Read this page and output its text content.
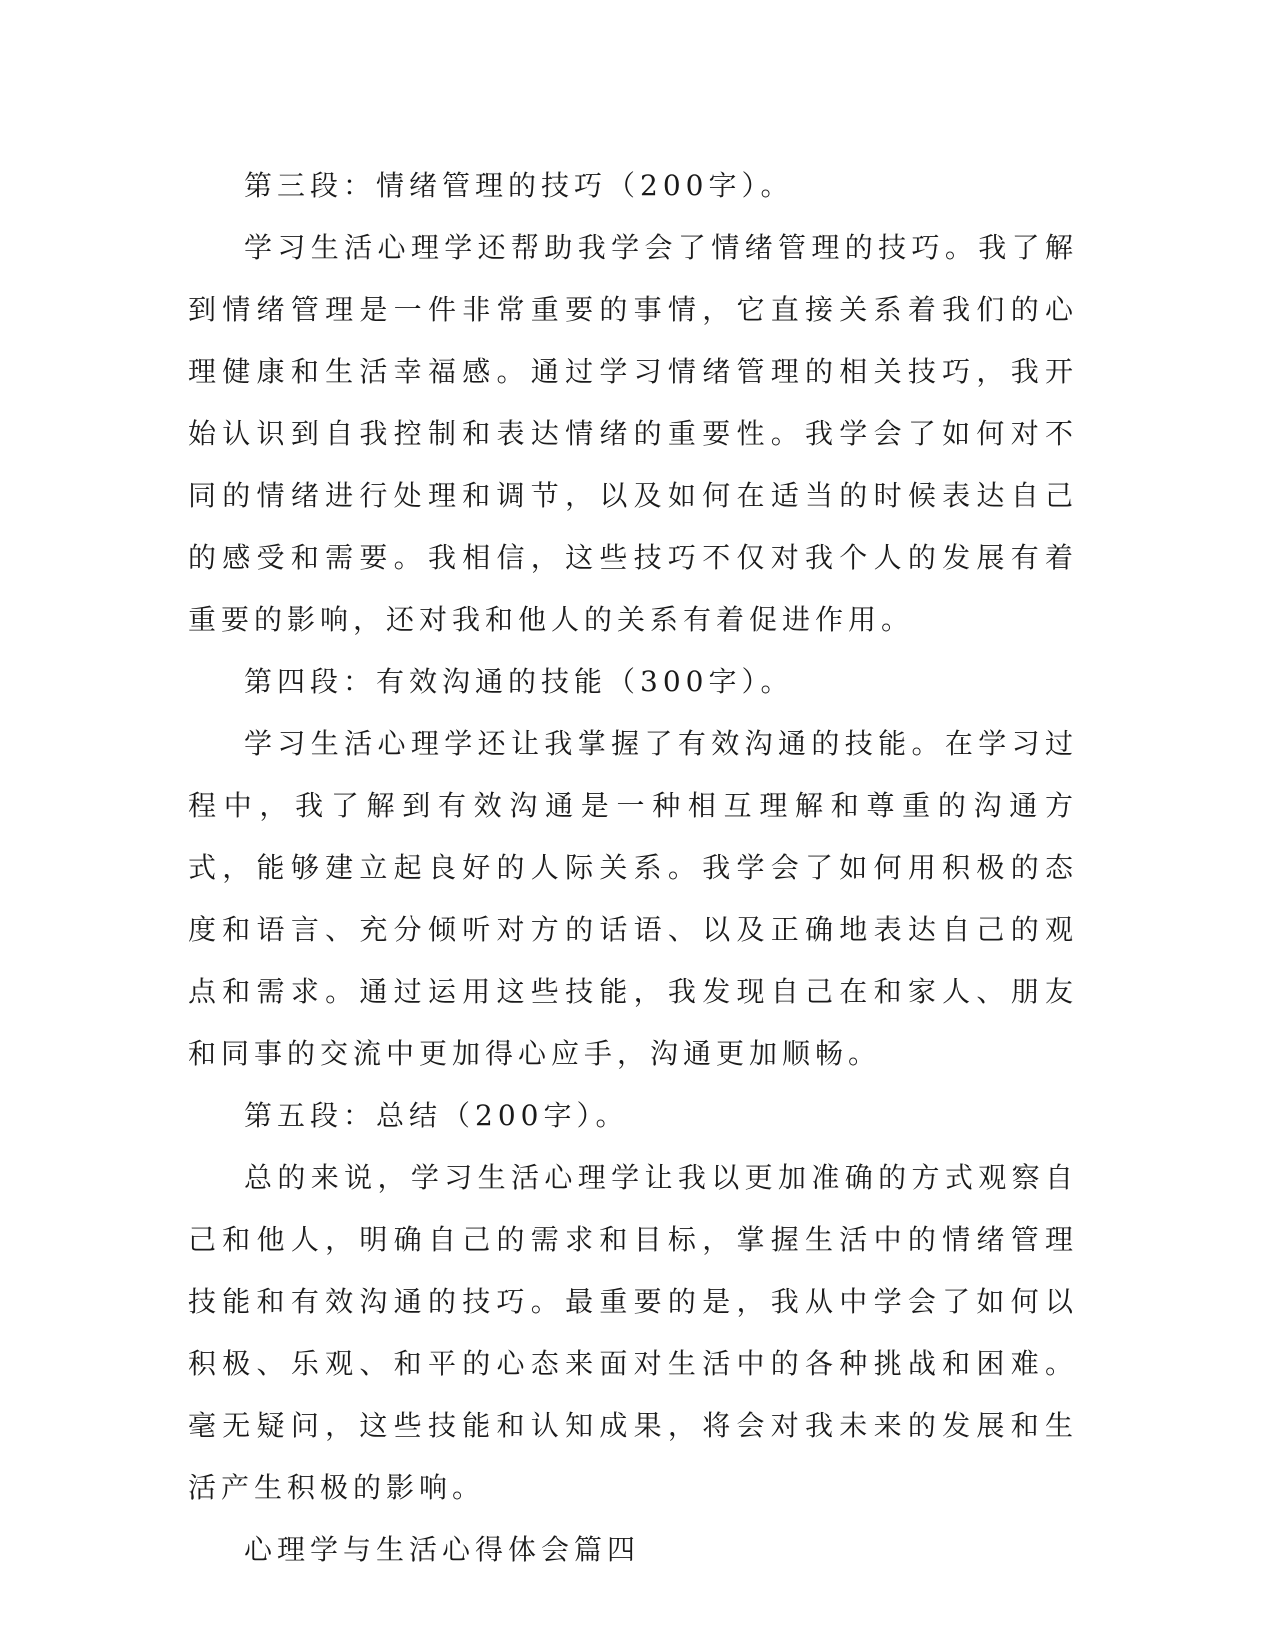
第三段：情绪管理的技巧（200字）。

学习生活心理学还帮助我学会了情绪管理的技巧。我了解到情绪管理是一件非常重要的事情，它直接关系着我们的心理健康和生活幸福感。通过学习情绪管理的相关技巧，我开始认识到自我控制和表达情绪的重要性。我学会了如何对不同的情绪进行处理和调节，以及如何在适当的时候表达自己的感受和需要。我相信，这些技巧不仅对我个人的发展有着重要的影响，还对我和他人的关系有着促进作用。

第四段：有效沟通的技能（300字）。

学习生活心理学还让我掌握了有效沟通的技能。在学习过程中，我了解到有效沟通是一种相互理解和尊重的沟通方式，能够建立起良好的人际关系。我学会了如何用积极的态度和语言、充分倾听对方的话语、以及正确地表达自己的观点和需求。通过运用这些技能，我发现自己在和家人、朋友和同事的交流中更加得心应手，沟通更加顺畅。

第五段：总结（200字）。

总的来说，学习生活心理学让我以更加准确的方式观察自己和他人，明确自己的需求和目标，掌握生活中的情绪管理技能和有效沟通的技巧。最重要的是，我从中学会了如何以积极、乐观、和平的心态来面对生活中的各种挑战和困难。毫无疑问，这些技能和认知成果，将会对我未来的发展和生活产生积极的影响。

心理学与生活心得体会篇四
